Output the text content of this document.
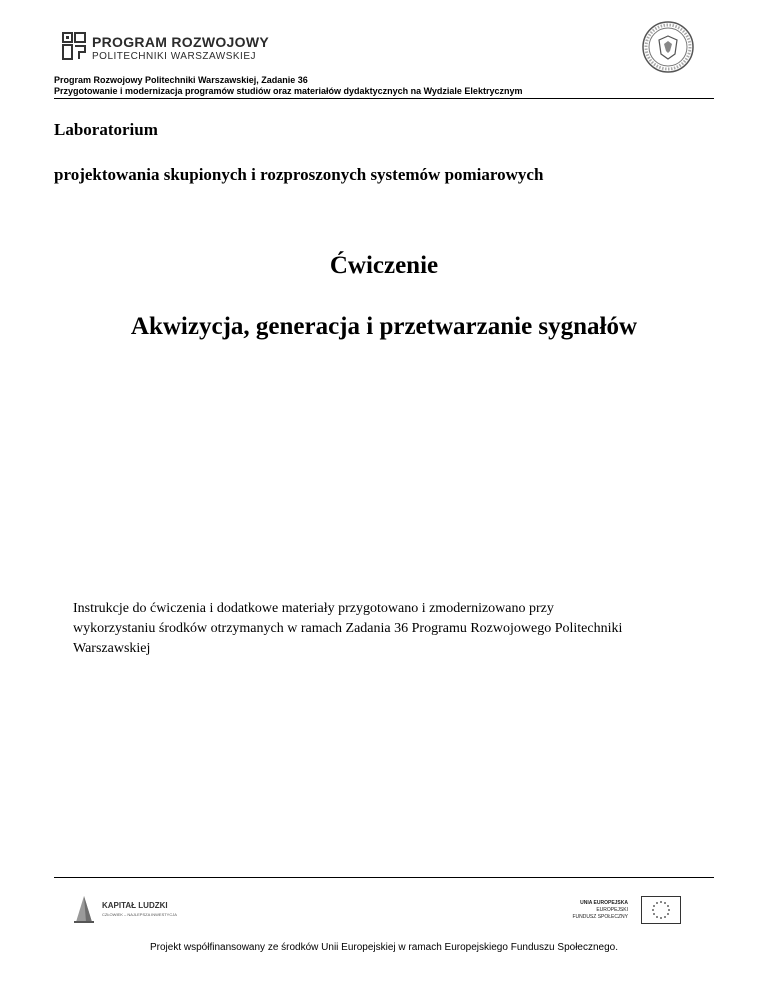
PROGRAM ROZWOJOWY
POLITECHNIKI WARSZAWSKIEJ
Program Rozwojowy Politechniki Warszawskiej, Zadanie 36
Przygotowanie i modernizacja programów studiów oraz materiałów dydaktycznych na Wydziale Elektrycznym
Laboratorium
projektowania skupionych i rozproszonych systemów pomiarowych
Ćwiczenie
Akwizycja, generacja i przetwarzanie sygnałów
Instrukcje do ćwiczenia i dodatkowe materiały przygotowano i zmodernizowano przy wykorzystaniu środków otrzymanych w ramach Zadania 36 Programu Rozwojowego Politechniki Warszawskiej
KAPITAŁ LUDZKI
CZŁOWIEK – NAJLEPSZA INWESTYCJA
UNIA EUROPEJSKA
EUROPEJSKI
FUNDUSZ SPOŁECZNY
Projekt współfinansowany ze środków Unii Europejskiej w ramach Europejskiego Funduszu Społecznego.
